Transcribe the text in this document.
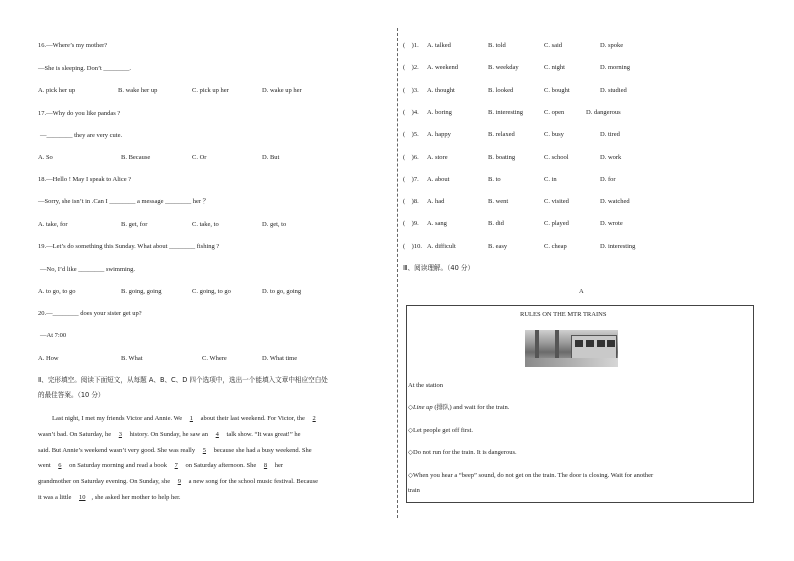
16.—Where’s my mother?
—She is sleeping. Don’t ________.
A. pick her up	B. wake her up	C. pick up her	D. wake up her
17.—Why do you like pandas ?
—________ they are very cute.
A. So	B. Because	C. Or	D. But
18.—Hello ! May I speak to Alice ?
—Sorry, she isn’t in .Can I ________ a message ________ her ？
A. take, for	B. get, for	C. take, to	D. get, to
19.—Let’s do something this Sunday. What about ________ fishing ?
—No, I’d like ________ swimming.
A. to go, to go	B. going, going	C. going, to go	D. to go, going
20.—________ does your sister get up?
—At 7:00
A. How	B. What	C. Where	D. What time
Ⅱ、完形填空。阅读下面短文，从每题 A、B、C、D 四个选项中，选出一个能填入文章中相应空白处
的最佳答案。（10 分）
Last night, I met my friends Victor and Annie. We 1 about their last weekend. For Victor, the 2
wasn’t bad. On Saturday, he 3 history. On Sunday, he saw an 4 talk show. “It was great!” he
said. But Annie’s weekend wasn’t very good. She was really 5 because she had a busy weekend. She
went 6 on Saturday morning and read a book 7 on Saturday afternoon. She 8 her
grandmother on Saturday evening. On Sunday, she 9 a new song for the school music festival. Because
it was a little 10 , she asked her mother to help her.
(　)1. A. talked	B. told	C. said	D. spoke
(　)2. A. weekend	B. weekday	C. night	D. morning
(　)3. A. thought	B. looked	C. bought	D. studied
(　)4. A. boring	B. interesting	C. open	D. dangerous
(　)5. A. happy	B. relaxed	C. busy	D. tired
(　)6. A. store	B. boating	C. school	D. work
(　)7. A. about	B. to	C. in	D. for
(　)8. A. had	B. went	C. visited	D. watched
(　)9. A. sang	B. did	C. played	D. wrote
(　)10. A. difficult	B. easy	C. cheap	D. interesting
Ⅲ、阅读理解。（40 分）
A
RULES ON THE MTR TRAINS
At the station
◇Line up (排队) and wait for the train.
◇Let people get off first.
◇Do not run for the train. It is dangerous.
◇When you hear a “beep” sound, do not get on the train. The door is closing. Wait for another
train
